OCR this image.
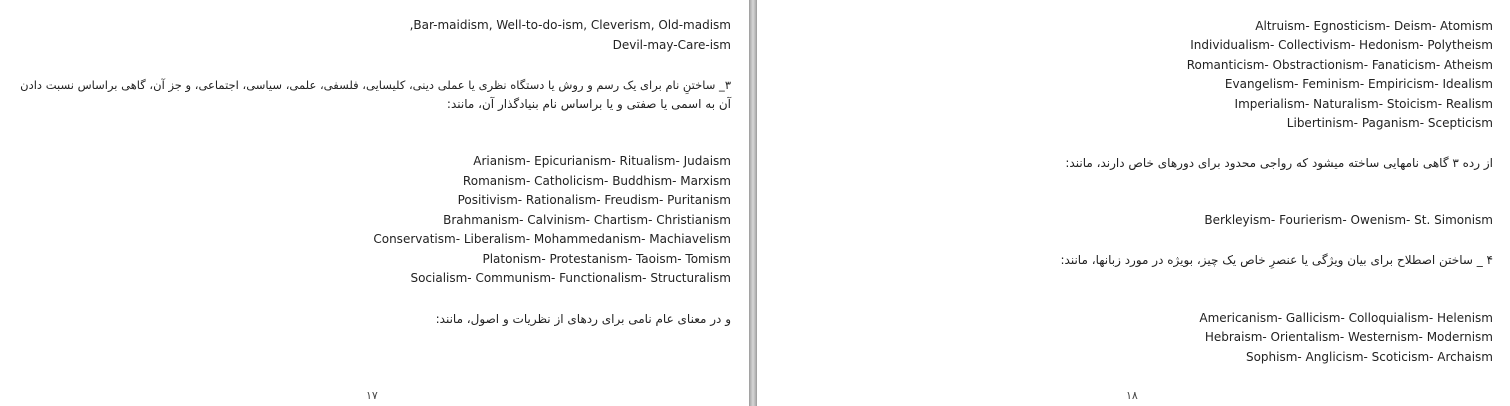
,Bar-maidism, Well-to-do-ism, Cleverism, Old-madism
Devil-may-Care-ism
۳_ ساختنِ نام برای یک رسم و روش یا دستگاه نظری یا عملی دینی، کلیسایی، فلسفی، علمی، سیاسی، اجتماعی، و جز آن، گاهی براساس نسبت دادن
آن به اسمی یا صفتی و یا براساس نام بنیادگذار آن، مانند:
Arianism- Epicurianism- Ritualism- Judaism
Romanism- Catholicism- Buddhism- Marxism
Positivism- Rationalism- Freudism- Puritanism
Brahmanism- Calvinism- Chartism- Christianism
Conservatism- Liberalism- Mohammedanism- Machiavelism
Platonism- Protestanism- Taoism- Tomism
Socialism- Communism- Functionalism- Structuralism
و در معنای عام نامی برای ردهای از نظریات و اصول، مانند:
۱۷
Altruism- Egnosticism- Deism- Atomism
Individualism- Collectivism- Hedonism- Polytheism
Romanticism- Obstractionism- Fanaticism- Atheism
Evangelism- Feminism- Empiricism- Idealism
Imperialism- Naturalism- Stoicism- Realism
Libertinism- Paganism- Scepticism
از رده ۳ گاهی نامهایی ساخته میشود که رواجی محدود برای دورهای خاص دارند، مانند:
Berkleyism- Fourierism- Owenism- St. Simonism
۴ _ ساختن اصطلاح برای بیان ویژگی یا عنصرِ خاص یک چیز، بویژه در مورد زبانها، مانند:
Americanism- Gallicism- Colloquialism- Helenism
Hebraism- Orientalism- Westernism- Modernism
Sophism- Anglicism- Scoticism- Archaism
۱۸
